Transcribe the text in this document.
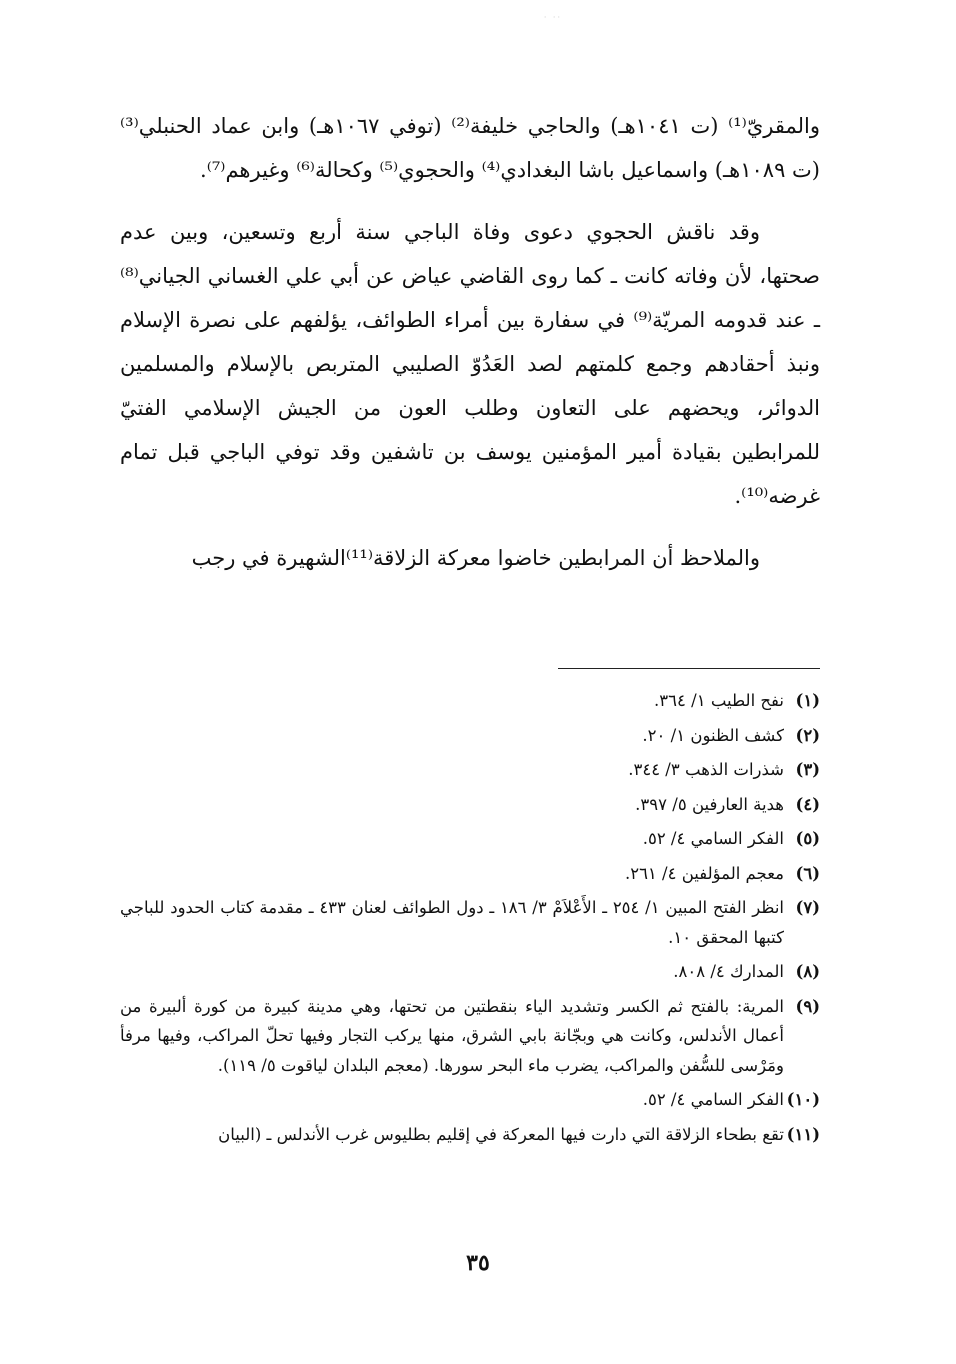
·· ·

والمقريّ⁽¹⁾ (ت ١٠٤١هـ) والحاجي خليفة⁽²⁾ (توفي ١٠٦٧هـ) وابن عماد الحنبلي⁽³⁾ (ت ١٠٨٩هـ) واسماعيل باشا البغدادي⁽⁴⁾ والحجوي⁽⁵⁾ وكحالة⁽⁶⁾ وغيرهم⁽⁷⁾.

وقد ناقش الحجوي دعوى وفاة الباجي سنة أربع وتسعين، وبين عدم صحتها، لأن وفاته كانت ـ كما روى القاضي عياض عن أبي علي الغساني الجياني⁽⁸⁾ ـ عند قدومه المريّة⁽⁹⁾ في سفارة بين أمراء الطوائف، يؤلفهم على نصرة الإسلام ونبذ أحقادهم وجمع كلمتهم لصد العَدُوّ الصليبي المتربص بالإسلام والمسلمين الدوائر، ويحضهم على التعاون وطلب العون من الجيش الإسلامي الفتيّ للمرابطين بقيادة أمير المؤمنين يوسف بن تاشفين وقد توفي الباجي قبل تمام غرضه⁽¹⁰⁾.

والملاحظ أن المرابطين خاضوا معركة الزلاقة⁽¹¹⁾الشهيرة في رجب

(١)
نفح الطيب ١/ ٣٦٤.
(٢)
كشف الظنون ١/ ٢٠.
(٣)
شذرات الذهب ٣/ ٣٤٤.
(٤)
هدية العارفين ٥/ ٣٩٧.
(٥)
الفكر السامي ٤/ ٥٢.
(٦)
معجم المؤلفين ٤/ ٢٦١.
(٧)
انظر الفتح المبين ١/ ٢٥٤ ـ الأَعْلاَمْ ٣/ ١٨٦ ـ دول الطوائف لعنان ٤٣٣ ـ مقدمة كتاب الحدود للباجي كتبها المحقق ١٠.
(٨)
المدارك ٤/ ٨٠٨.
(٩)
المرية: بالفتح ثم الكسر وتشديد الياء بنقطتين من تحتها، وهي مدينة كبيرة من كورة ألبيرة من أعمال الأندلس، وكانت هي وبجّانة بابي الشرق، منها يركب التجار وفيها تحلّ المراكب، وفيها مرفأ ومَرْسى للسُّفن والمراكب، يضرب ماء البحر سورها. (معجم البلدان لياقوت ٥/ ١١٩).
(١٠)
الفكر السامي ٤/ ٥٢.
(١١)
تقع بطحاء الزلاقة التي دارت فيها المعركة في إقليم بطليوس غرب الأندلس ـ (البيان
٣٥
